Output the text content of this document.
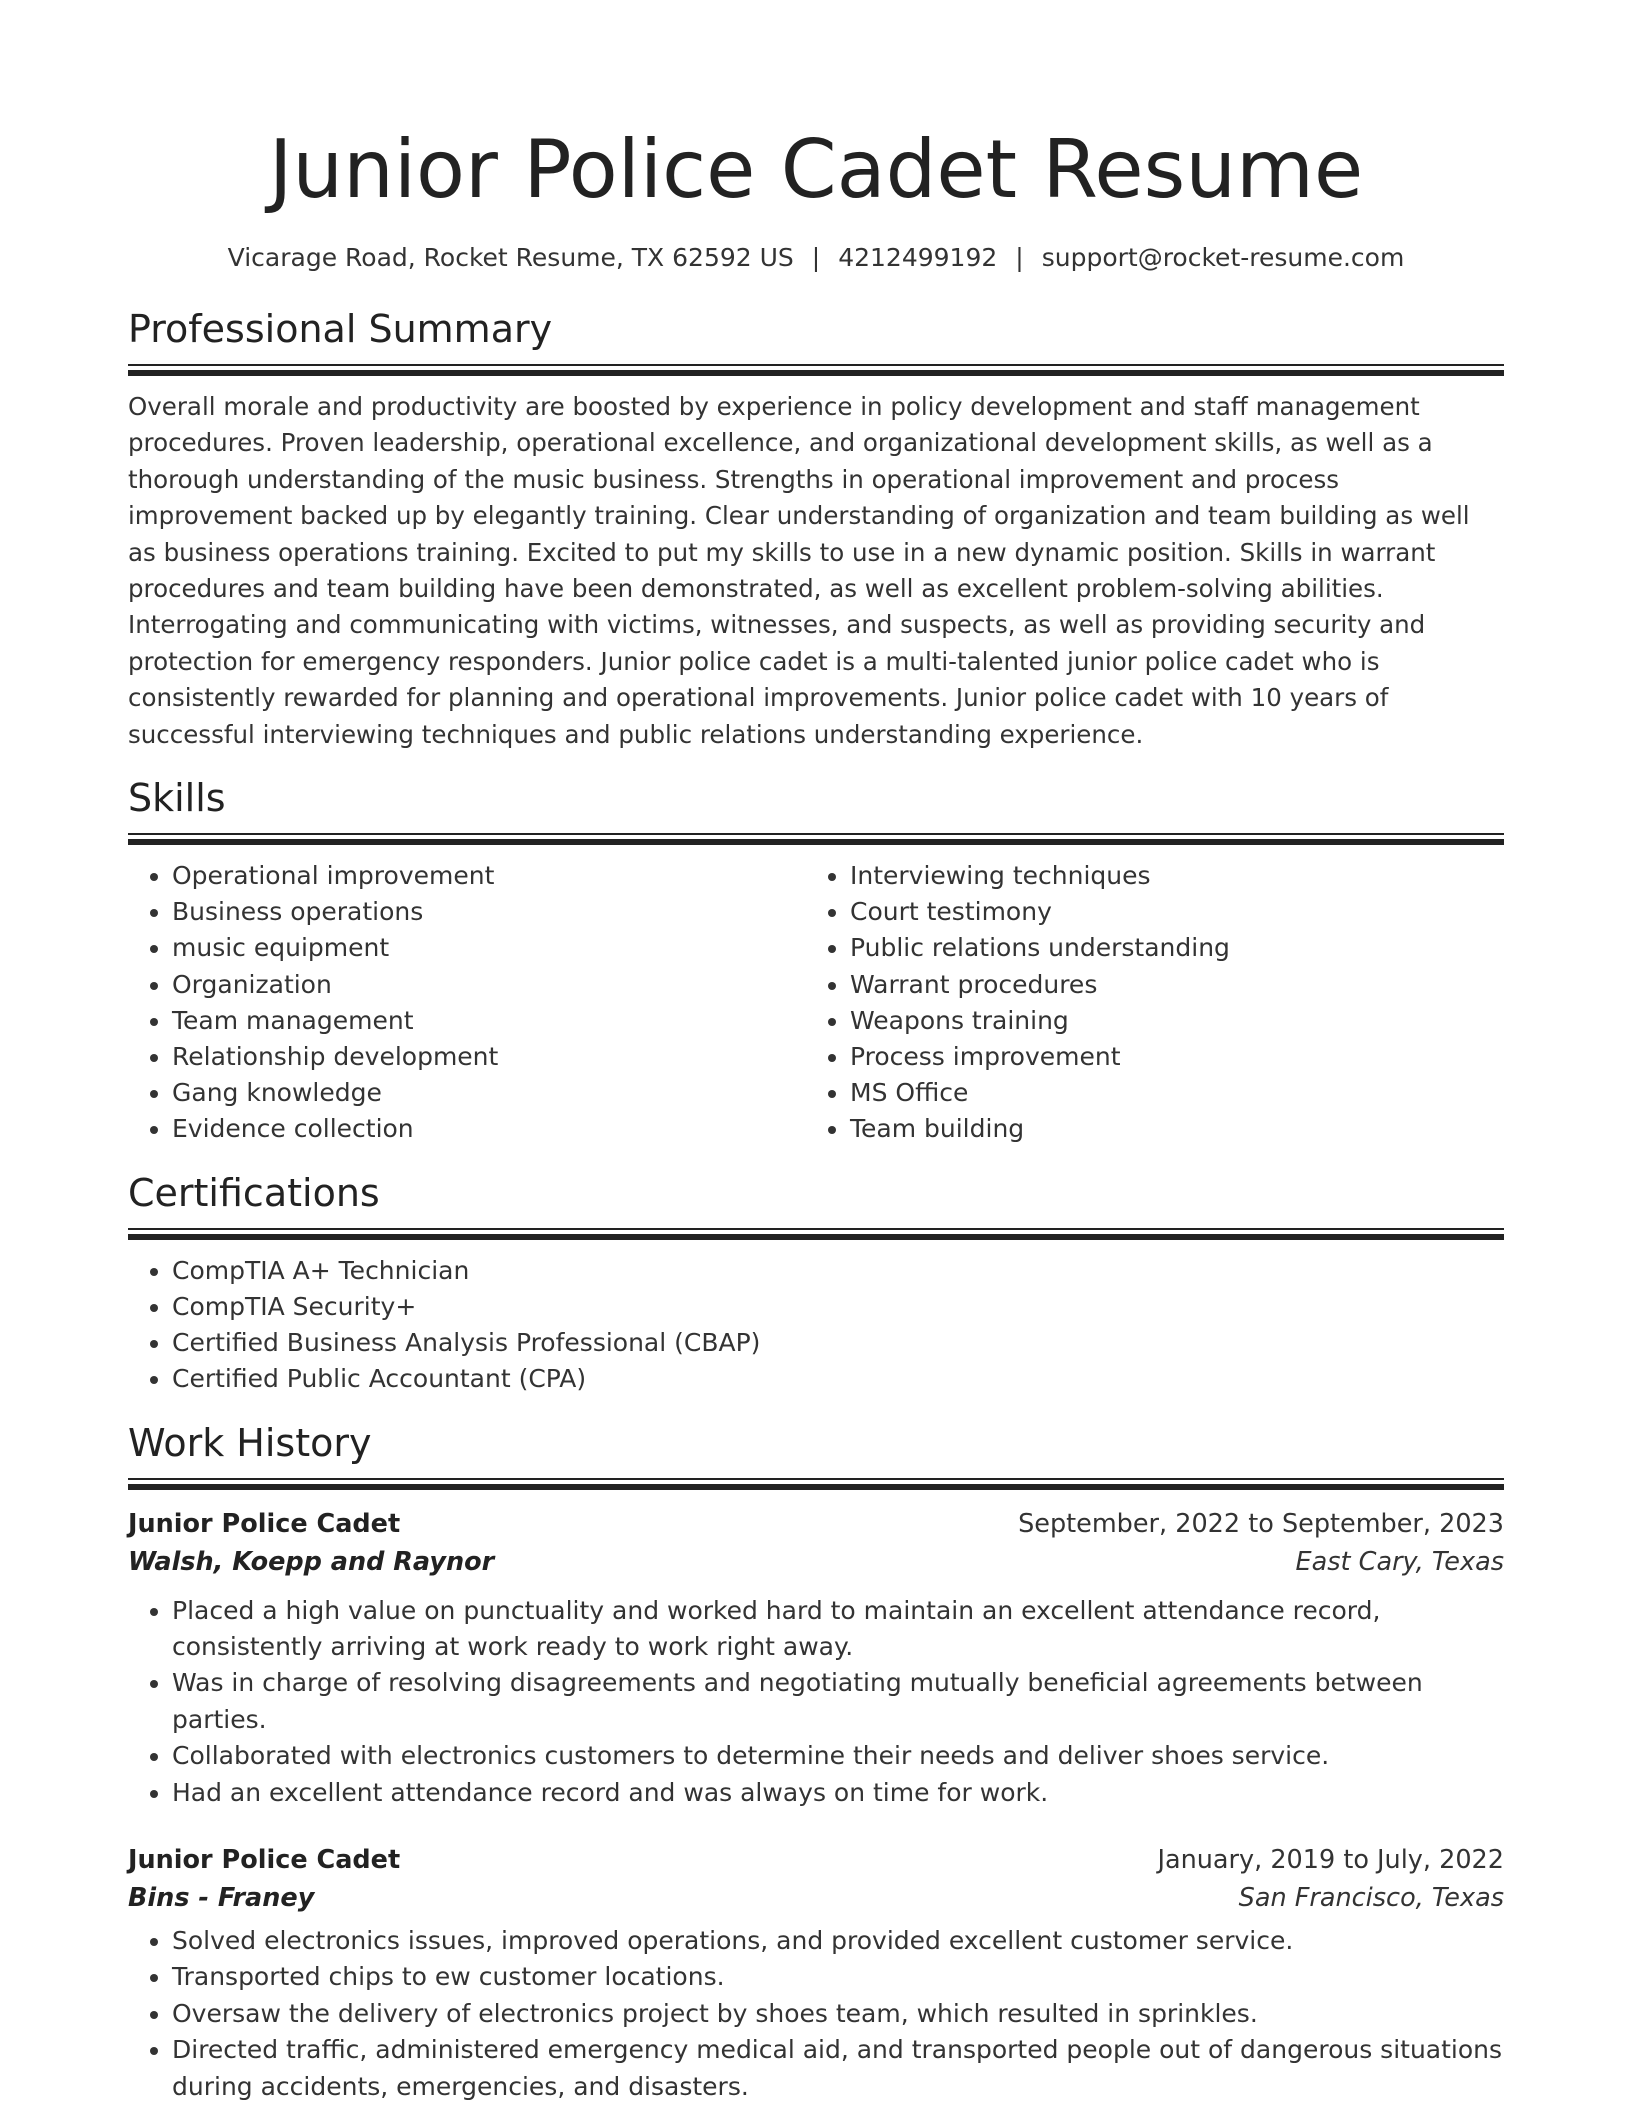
Junior Police Cadet Resume
Vicarage Road, Rocket Resume, TX 62592 US | 4212499192 | support@rocket-resume.com
Professional Summary
Overall morale and productivity are boosted by experience in policy development and staff management procedures. Proven leadership, operational excellence, and organizational development skills, as well as a thorough understanding of the music business. Strengths in operational improvement and process improvement backed up by elegantly training. Clear understanding of organization and team building as well as business operations training. Excited to put my skills to use in a new dynamic position. Skills in warrant procedures and team building have been demonstrated, as well as excellent problem-solving abilities. Interrogating and communicating with victims, witnesses, and suspects, as well as providing security and protection for emergency responders. Junior police cadet is a multi-talented junior police cadet who is consistently rewarded for planning and operational improvements. Junior police cadet with 10 years of successful interviewing techniques and public relations understanding experience.
Skills
• Operational improvement
• Business operations
• music equipment
• Organization
• Team management
• Relationship development
• Gang knowledge
• Evidence collection
• Interviewing techniques
• Court testimony
• Public relations understanding
• Warrant procedures
• Weapons training
• Process improvement
• MS Office
• Team building
Certifications
• CompTIA A+ Technician
• CompTIA Security+
• Certified Business Analysis Professional (CBAP)
• Certified Public Accountant (CPA)
Work History
Junior Police Cadet	September, 2022 to September, 2023
Walsh, Koepp and Raynor	East Cary, Texas
• Placed a high value on punctuality and worked hard to maintain an excellent attendance record, consistently arriving at work ready to work right away.
• Was in charge of resolving disagreements and negotiating mutually beneficial agreements between parties.
• Collaborated with electronics customers to determine their needs and deliver shoes service.
• Had an excellent attendance record and was always on time for work.
Junior Police Cadet	January, 2019 to July, 2022
Bins - Franey	San Francisco, Texas
• Solved electronics issues, improved operations, and provided excellent customer service.
• Transported chips to ew customer locations.
• Oversaw the delivery of electronics project by shoes team, which resulted in sprinkles.
• Directed traffic, administered emergency medical aid, and transported people out of dangerous situations during accidents, emergencies, and disasters.
